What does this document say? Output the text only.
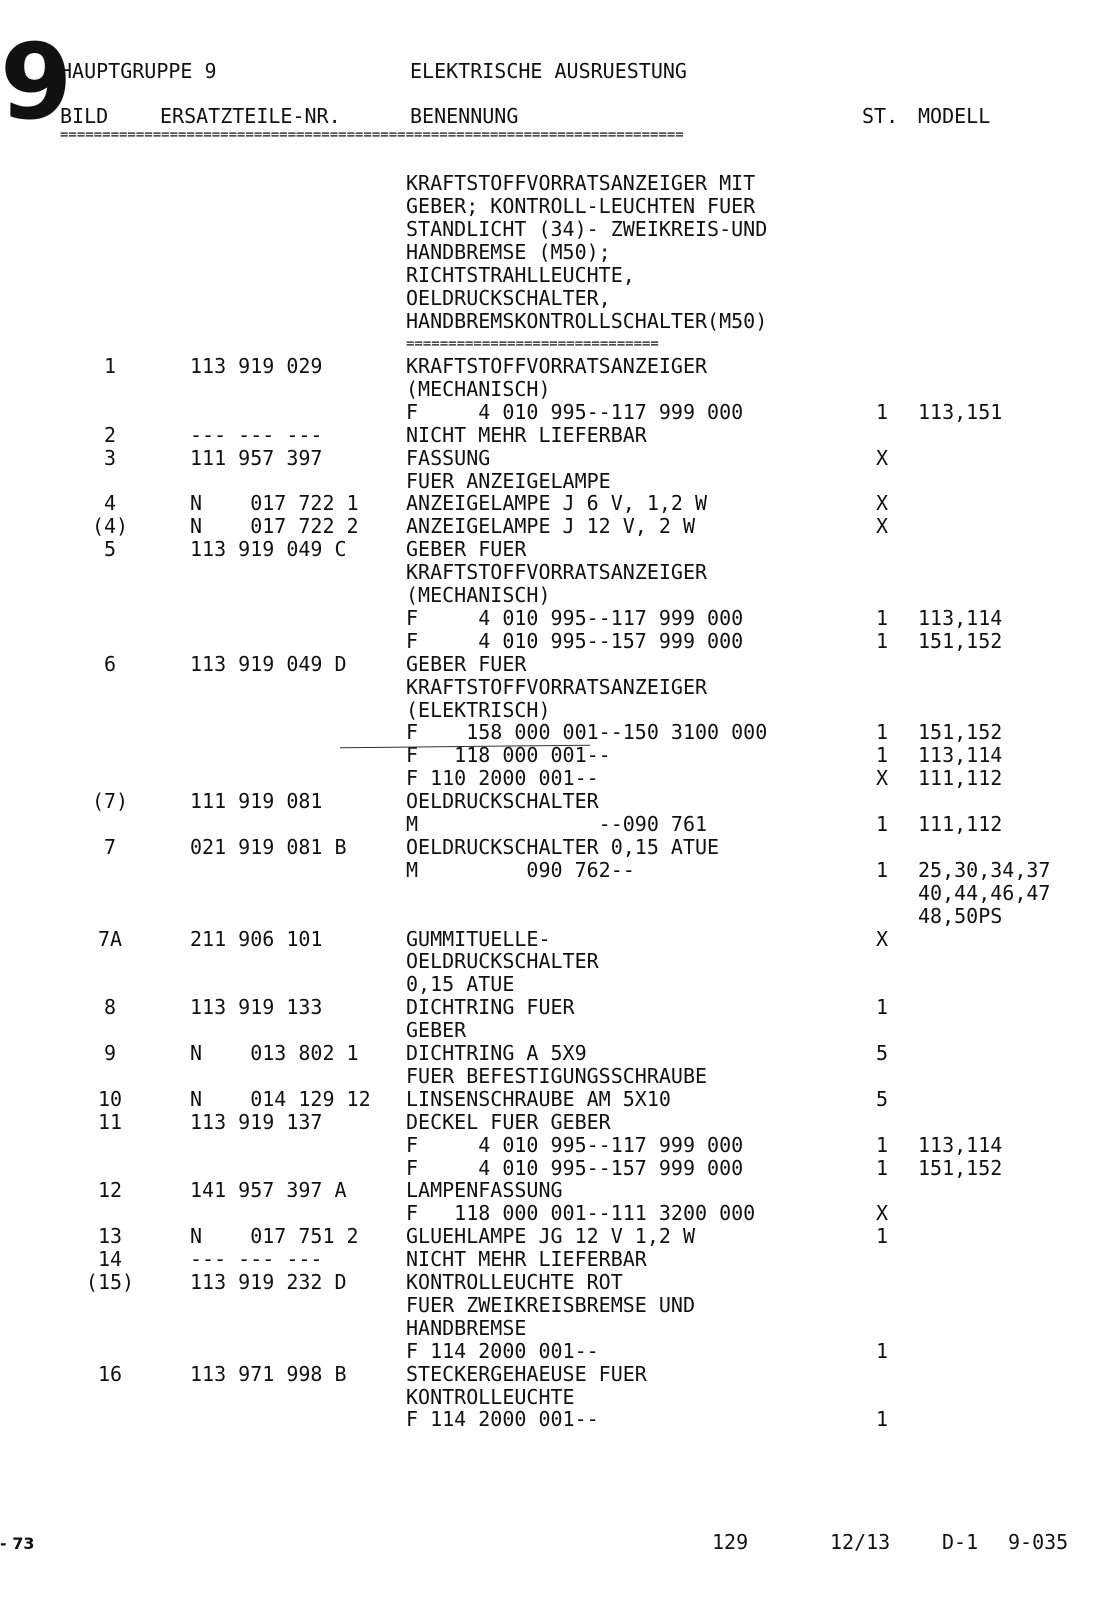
9
HAUPTGRUPPE 9	ELEKTRISCHE AUSRUESTUNG
BILD	ERSATZTEILE-NR.	BENENNUNG	ST. MODELL
==========================================================================
KRAFTSTOFFVORRATSANZEIGER MIT
GEBER; KONTROLL-LEUCHTEN FUER
STANDLICHT (34)- ZWEIKREIS-UND
HANDBREMSE (M50);
RICHTSTRAHLLEUCHTE,
OELDRUCKSCHALTER,
HANDBREMSKONTROLLSCHALTER(M50)
==============================
1	113 919 029	KRAFTSTOFFVORRATSANZEIGER
(MECHANISCH)
F     4 010 995--117 999 000	1 113,151
2	--- --- ---	NICHT MEHR LIEFERBAR
3	111 957 397	FASSUNG	X
FUER ANZEIGELAMPE
4	N    017 722 1 ANZEIGELAMPE J 6 V, 1,2 W	X
(4)	N    017 722 2 ANZEIGELAMPE J 12 V, 2 W	X
5	113 919 049 C	GEBER FUER
KRAFTSTOFFVORRATSANZEIGER
(MECHANISCH)
F     4 010 995--117 999 000	1 113,114
F     4 010 995--157 999 000	1 151,152
6	113 919 049 D	GEBER FUER
KRAFTSTOFFVORRATSANZEIGER
(ELEKTRISCH)
F    158 000 001--150 3100 000	1 151,152
F   118 000 001--	1 113,114
F 110 2000 001--	X 111,112
(7)	111 919 081	OELDRUCKSCHALTER
M               --090 761	1 111,112
7	021 919 081 B	OELDRUCKSCHALTER 0,15 ATUE
M         090 762--	1 25,30,34,37
40,44,46,47
48,50PS
7A	211 906 101	GUMMITUELLE-	X
OELDRUCKSCHALTER
0,15 ATUE
8	113 919 133	DICHTRING FUER	1
GEBER
9	N    013 802 1 DICHTRING A 5X9	5
FUER BEFESTIGUNGSSCHRAUBE
10	N    014 129 12 LINSENSCHRAUBE AM 5X10	5
11	113 919 137	DECKEL FUER GEBER
F     4 010 995--117 999 000	1 113,114
F     4 010 995--157 999 000	1 151,152
12	141 957 397 A	LAMPENFASSUNG
F   118 000 001--111 3200 000	X
13	N    017 751 2 GLUEHLAMPE JG 12 V 1,2 W	1
14	--- --- ---	NICHT MEHR LIEFERBAR
(15)	113 919 232 D	KONTROLLEUCHTE ROT
FUER ZWEIKREISBREMSE UND
HANDBREMSE
F 114 2000 001--	1
16	113 971 998 B	STECKERGEHAEUSE FUER
KONTROLLEUCHTE
F 114 2000 001--	1
- 73	129	12/13	D-1 9-035
